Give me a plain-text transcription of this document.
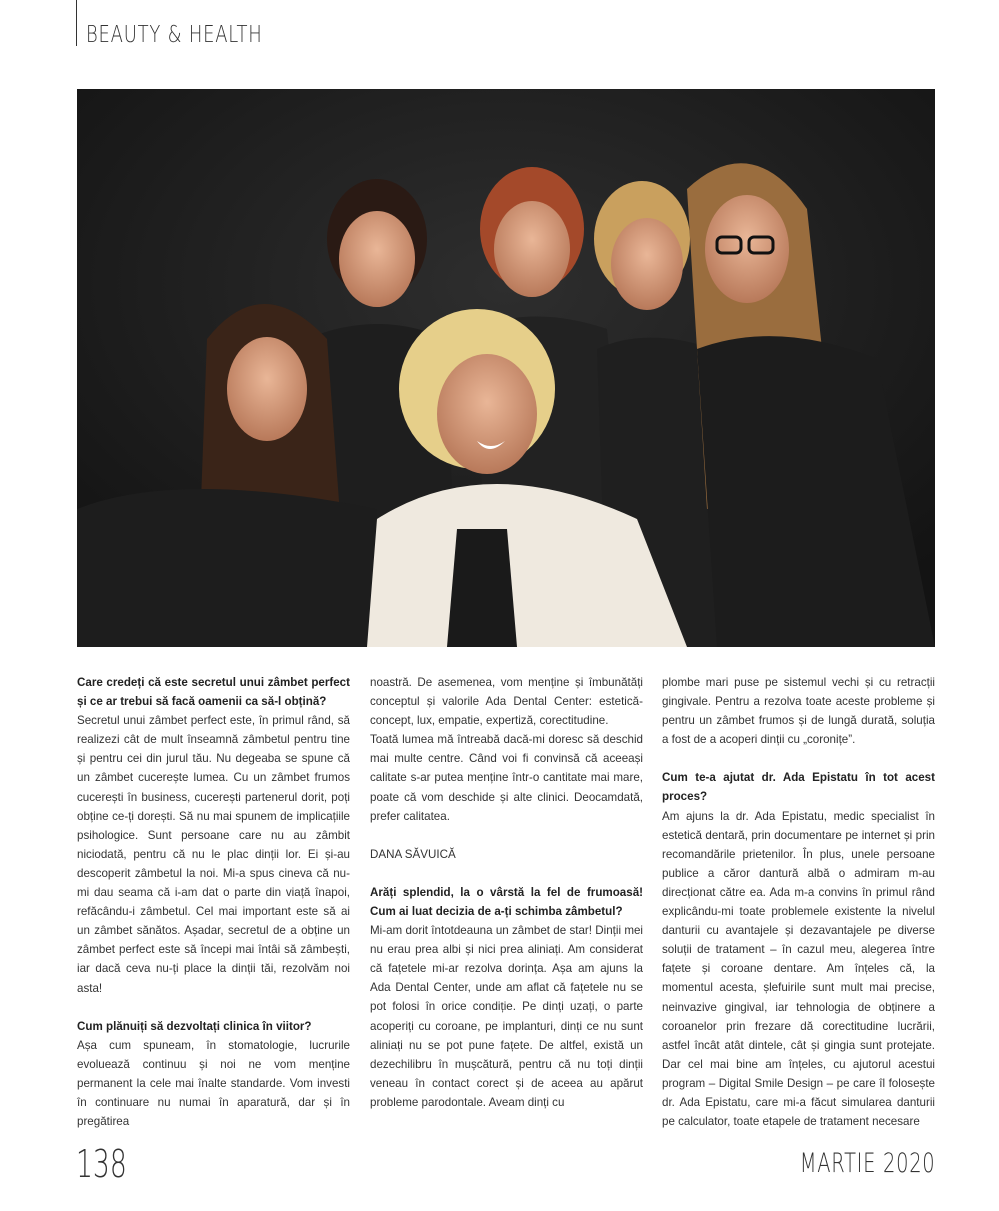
BEAUTY & HEALTH

Care credeți că este secretul unui zâmbet perfect și ce ar trebui să facă oamenii ca să-l obțină?

Secretul unui zâmbet perfect este, în primul rând, să realizezi cât de mult înseamnă zâmbetul pentru tine și pentru cei din jurul tău. Nu degeaba se spune că un zâmbet cucerește lumea. Cu un zâmbet frumos cucerești în business, cucerești partenerul dorit, poți obține ce-ți dorești. Să nu mai spunem de implicațiile psihologice. Sunt persoane care nu au zâmbit niciodată, pentru că nu le plac dinții lor. Ei și-au descoperit zâmbetul la noi. Mi-a spus cineva că nu-mi dau seama că i-am dat o parte din viață înapoi, refăcându-i zâmbetul. Cel mai important este să ai un zâmbet sănătos. Așadar, secretul de a obține un zâmbet perfect este să începi mai întâi să zâmbești, iar dacă ceva nu-ți place la dinții tăi, rezolvăm noi asta!

Cum plănuiți să dezvoltați clinica în viitor?

Așa cum spuneam, în stomatologie, lucrurile evoluează continuu și noi ne vom menține permanent la cele mai înalte standarde. Vom investi în continuare nu numai în aparatură, dar și în pregătirea

noastră. De asemenea, vom menține și îmbunătăți conceptul și valorile Ada Dental Center: estetică-concept, lux, empatie, expertiză, corectitudine.

Toată lumea mă întreabă dacă-mi doresc să deschid mai multe centre. Când voi fi convinsă că aceeași calitate s-ar putea menține într-o cantitate mai mare, poate că vom deschide și alte clinici. Deocamdată, prefer calitatea.

DANA SĂVUICĂ

Arăți splendid, la o vârstă la fel de frumoasă! Cum ai luat decizia de a-ți schimba zâmbetul?

Mi-am dorit întotdeauna un zâmbet de star! Dinții mei nu erau prea albi și nici prea aliniați. Am considerat că fațetele mi-ar rezolva dorința. Așa am ajuns la Ada Dental Center, unde am aflat că fațetele nu se pot folosi în orice condiție. Pe dinți uzați, o parte acoperiți cu coroane, pe implanturi, dinți ce nu sunt aliniați nu se pot pune fațete. De altfel, există un dezechilibru în mușcătură, pentru că nu toți dinții veneau în contact corect și de aceea au apărut probleme parodontale. Aveam dinți cu

plombe mari puse pe sistemul vechi și cu retracții gingivale. Pentru a rezolva toate aceste probleme și pentru un zâmbet frumos și de lungă durată, soluția a fost de a acoperi dinții cu „coronițe”.

Cum te-a ajutat dr. Ada Epistatu în tot acest proces?

Am ajuns la dr. Ada Epistatu, medic specialist în estetică dentară, prin documentare pe internet și prin recomandările prietenilor. În plus, unele persoane publice a căror dantură albă o admiram m-au direcționat către ea. Ada m-a convins în primul rând explicându-mi toate problemele existente la nivelul danturii cu avantajele și dezavantajele pe diverse soluții de tratament – în cazul meu, alegerea între fațete și coroane dentare. Am înțeles că, la momentul acesta, șlefuirile sunt mult mai precise, neinvazive gingival, iar tehnologia de obținere a coroanelor prin frezare dă corectitudine lucrării, astfel încât atât dintele, cât și gingia sunt protejate. Dar cel mai bine am înțeles, cu ajutorul acestui program – Digital Smile Design – pe care îl folosește dr. Ada Epistatu, care mi-a făcut simularea danturii pe calculator, toate etapele de tratament necesare

138	MARTIE 2020
